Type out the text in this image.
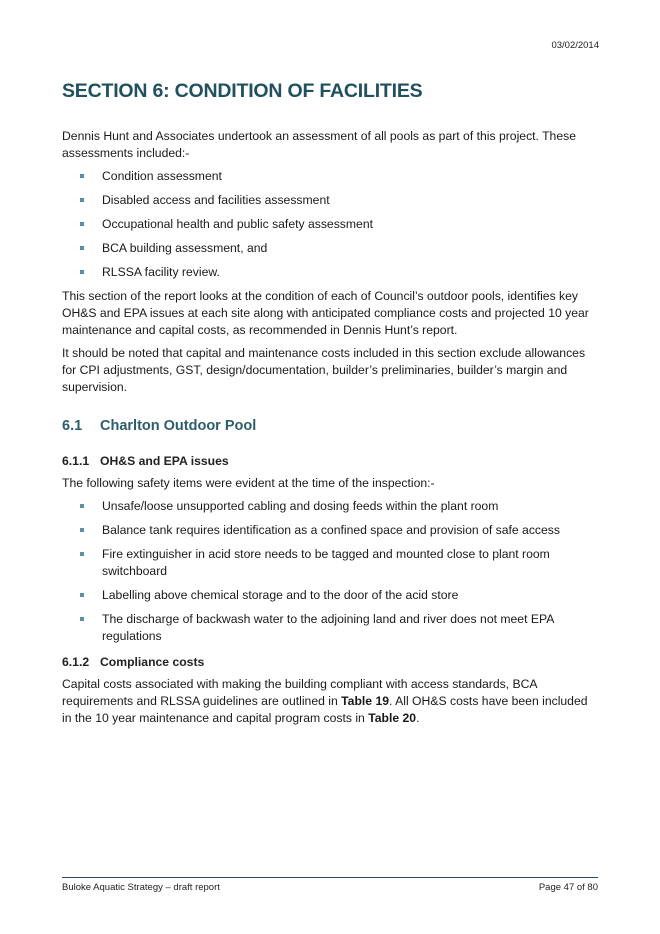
03/02/2014
SECTION 6: CONDITION OF FACILITIES

Dennis Hunt and Associates undertook an assessment of all pools as part of this project. These assessments included:-

Condition assessment
Disabled access and facilities assessment
Occupational health and public safety assessment
BCA building assessment, and
RLSSA facility review.

This section of the report looks at the condition of each of Council’s outdoor pools, identifies key OH&S and EPA issues at each site along with anticipated compliance costs and projected 10 year maintenance and capital costs, as recommended in Dennis Hunt’s report.

It should be noted that capital and maintenance costs included in this section exclude allowances for CPI adjustments, GST, design/documentation, builder’s preliminaries, builder’s margin and supervision.

6.1 Charlton Outdoor Pool
6.1.1 OH&S and EPA issues

The following safety items were evident at the time of the inspection:-

Unsafe/loose unsupported cabling and dosing feeds within the plant room
Balance tank requires identification as a confined space and provision of safe access
Fire extinguisher in acid store needs to be tagged and mounted close to plant room switchboard
Labelling above chemical storage and to the door of the acid store
The discharge of backwash water to the adjoining land and river does not meet EPA regulations
6.1.2 Compliance costs

Capital costs associated with making the building compliant with access standards, BCA requirements and RLSSA guidelines are outlined in Table 19. All OH&S costs have been included in the 10 year maintenance and capital program costs in Table 20.

Buloke Aquatic Strategy – draft report	Page 47 of 80
